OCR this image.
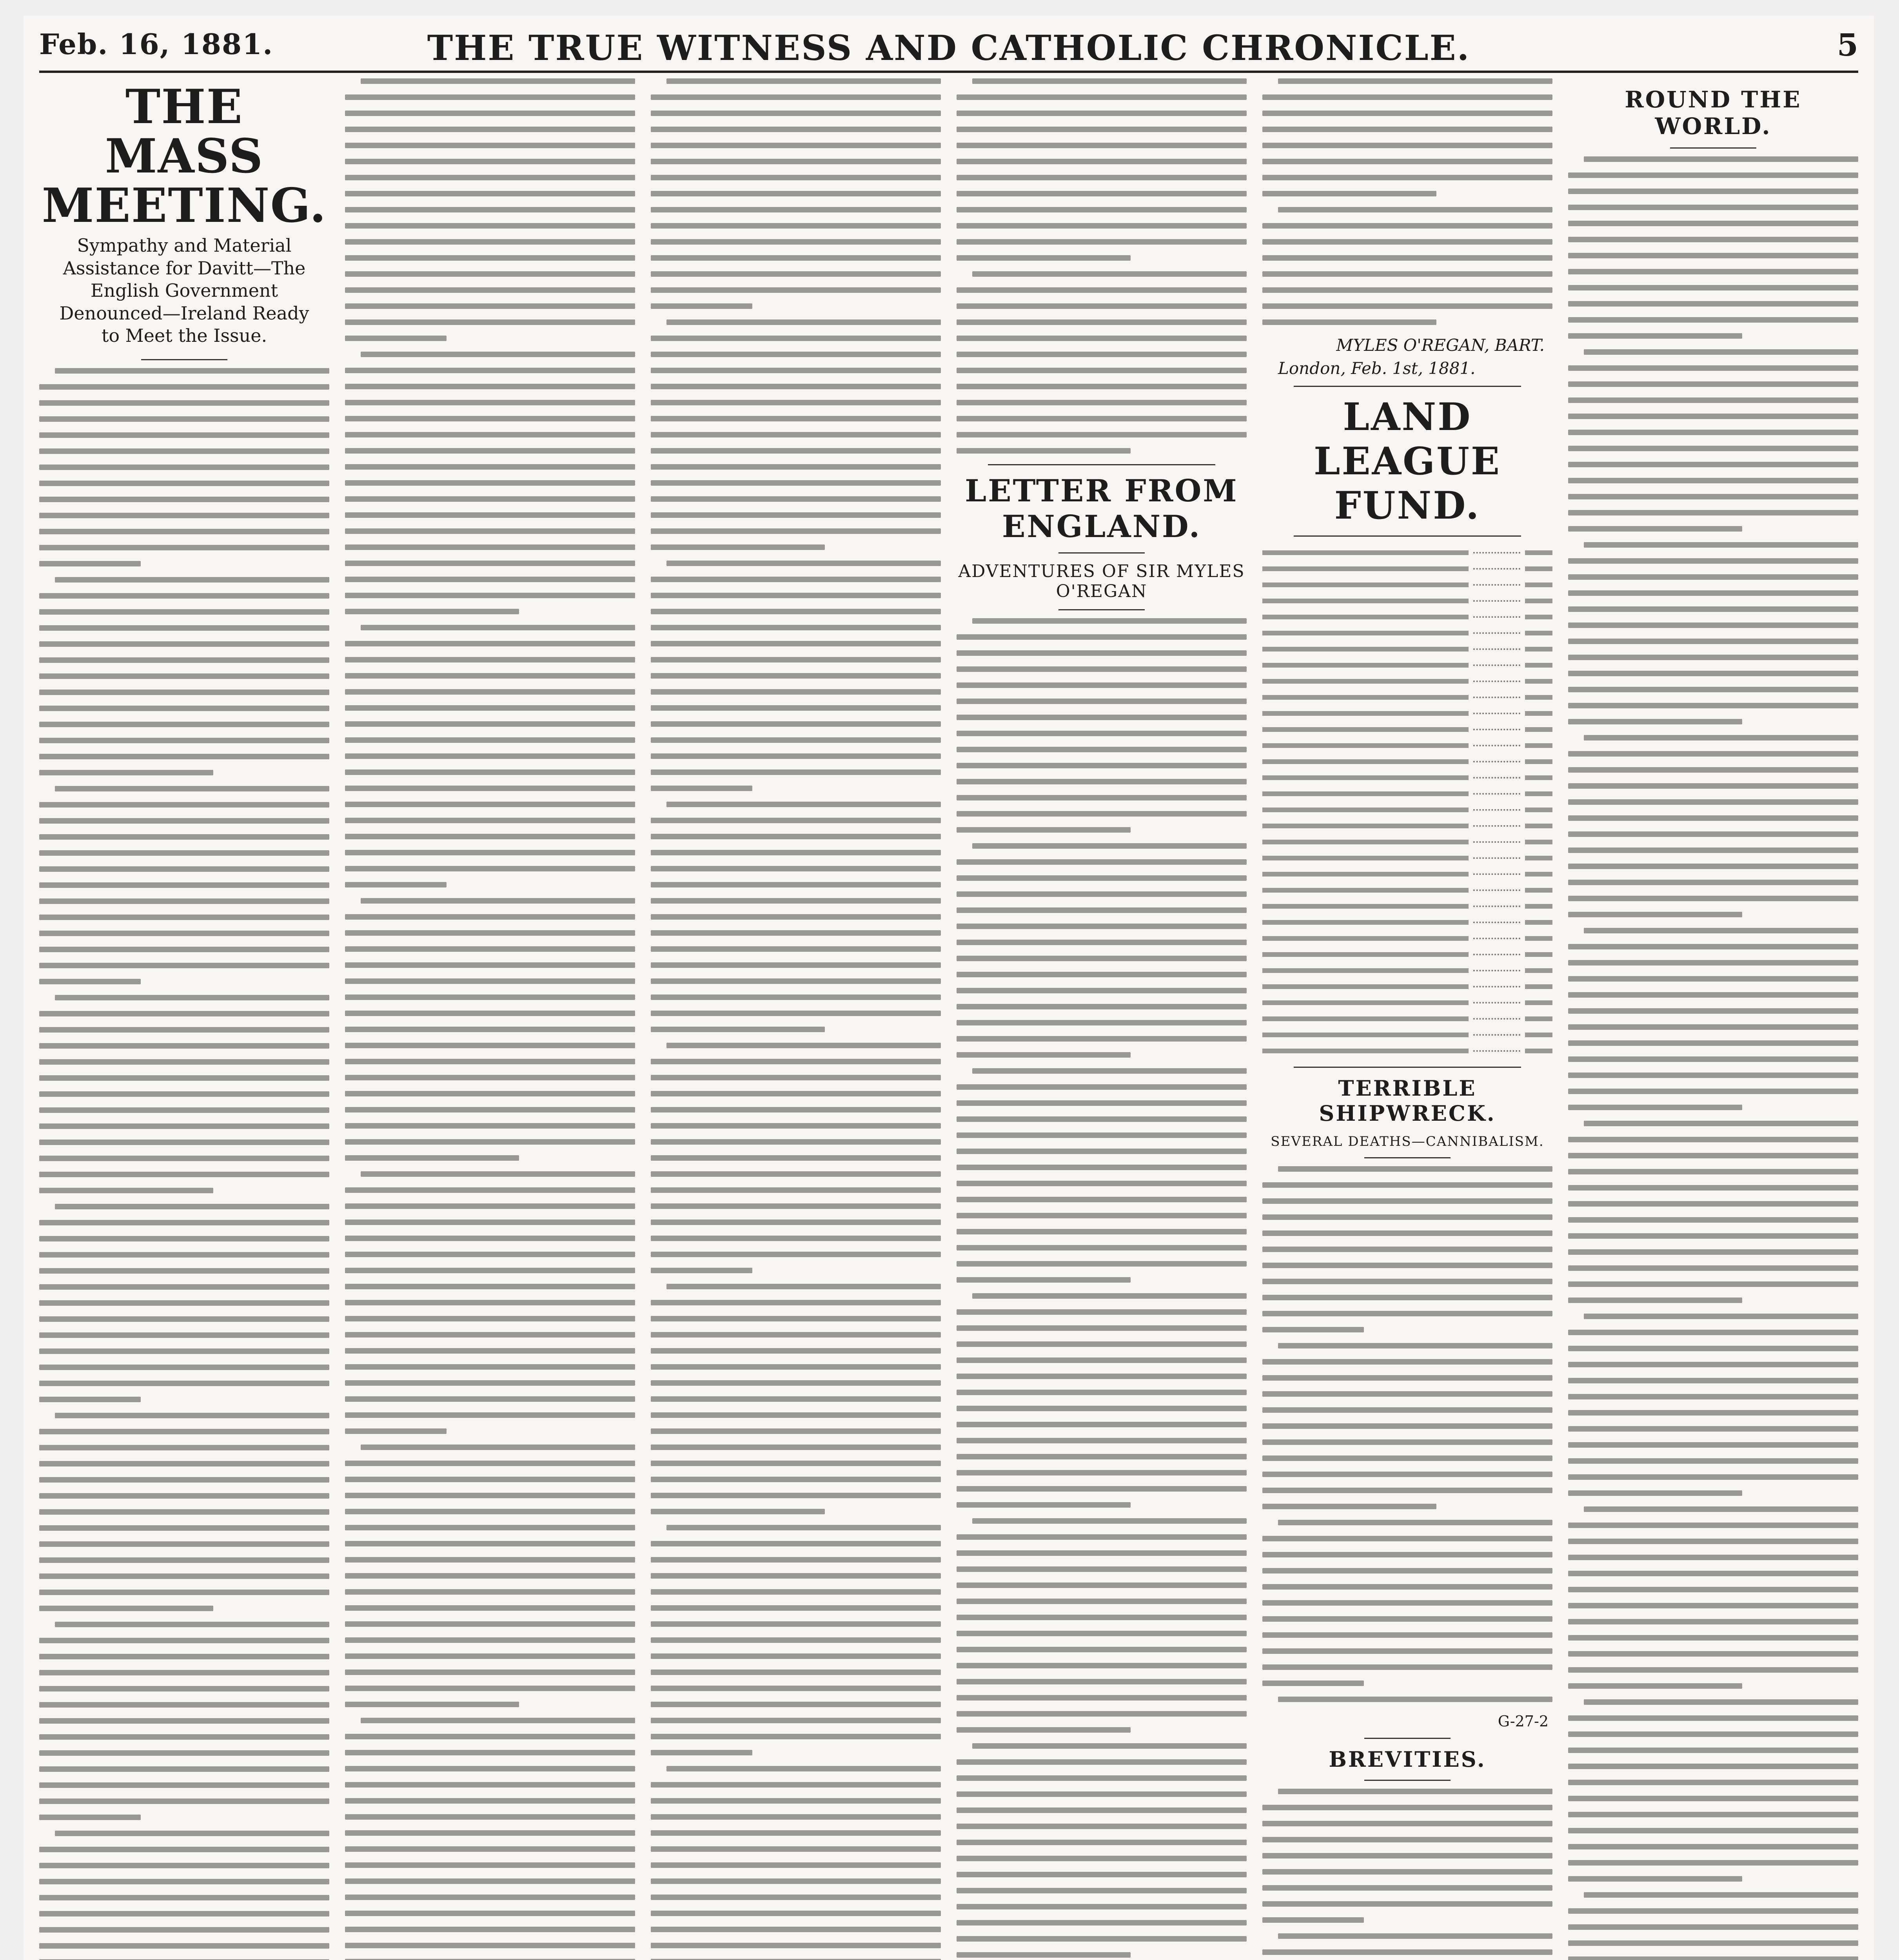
Feb. 16, 1881.	THE TRUE WITNESS AND CATHOLIC CHRONICLE.	5
THE MASS MEETING.
Sympathy and Material Assistance for Davitt—The English Government Denounced—Ireland Ready to Meet the Issue.
LETTER FROM ENGLAND.
ADVENTURES OF SIR MYLES O'REGAN
MYLES O'REGAN, BART.
London, Feb. 1st, 1881.
LAND LEAGUE FUND.
TERRIBLE SHIPWRECK.
SEVERAL DEATHS—CANNIBALISM.
G-27-2
BREVITIES.
ROUND THE WORLD.
